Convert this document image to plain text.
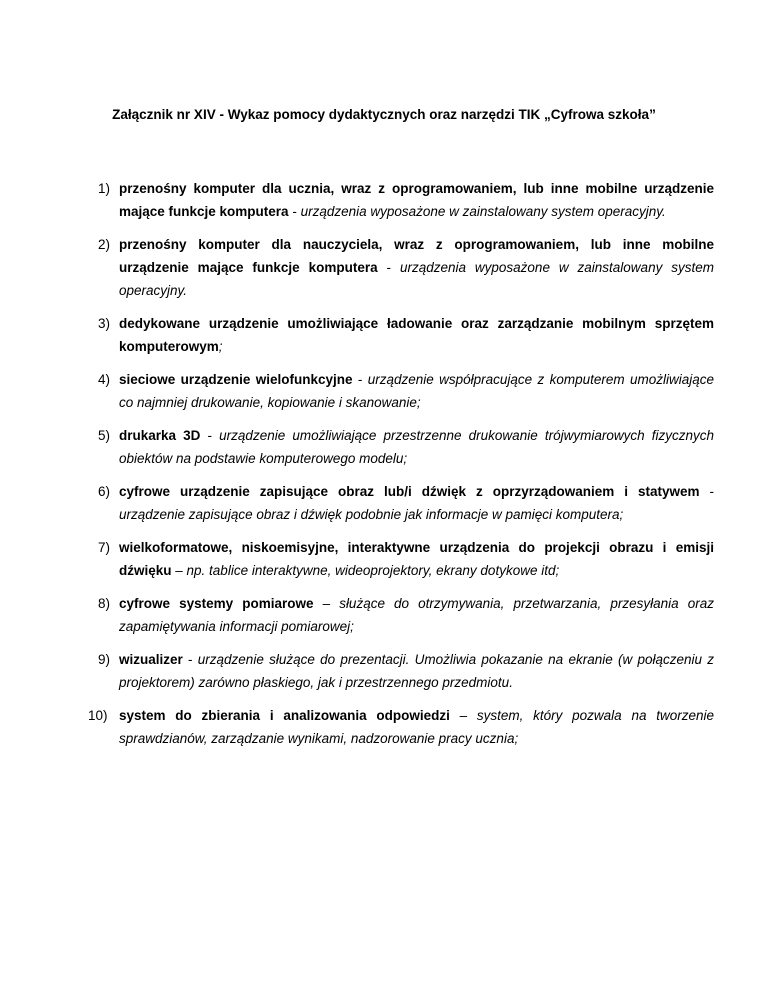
Załącznik nr XIV - Wykaz pomocy dydaktycznych oraz narzędzi TIK „Cyfrowa szkoła”
1) przenośny komputer dla ucznia, wraz z oprogramowaniem, lub inne mobilne urządzenie mające funkcje komputera - urządzenia wyposażone w zainstalowany system operacyjny.
2) przenośny komputer dla nauczyciela, wraz z oprogramowaniem, lub inne mobilne urządzenie mające funkcje komputera - urządzenia wyposażone w zainstalowany system operacyjny.
3) dedykowane urządzenie umożliwiające ładowanie oraz zarządzanie mobilnym sprzętem komputerowym;
4) sieciowe urządzenie wielofunkcyjne - urządzenie współpracujące z komputerem umożliwiające co najmniej drukowanie, kopiowanie i skanowanie;
5) drukarka 3D - urządzenie umożliwiające przestrzenne drukowanie trójwymiarowych fizycznych obiektów na podstawie komputerowego modelu;
6) cyfrowe urządzenie zapisujące obraz lub/i dźwięk z oprzyrządowaniem i statywem - urządzenie zapisujące obraz i dźwięk podobnie jak informacje w pamięci komputera;
7) wielkoformatowe, niskoemisyjne, interaktywne urządzenia do projekcji obrazu i emisji dźwięku – np. tablice interaktywne, wideoprojektory, ekrany dotykowe itd;
8) cyfrowe systemy pomiarowe – służące do otrzymywania, przetwarzania, przesyłania oraz zapamiętywania informacji pomiarowej;
9) wizualizer - urządzenie służące do prezentacji. Umożliwia pokazanie na ekranie (w połączeniu z projektorem) zarówno płaskiego, jak i przestrzennego przedmiotu.
10) system do zbierania i analizowania odpowiedzi – system, który pozwala na tworzenie sprawdzianów, zarządzanie wynikami, nadzorowanie pracy ucznia;
